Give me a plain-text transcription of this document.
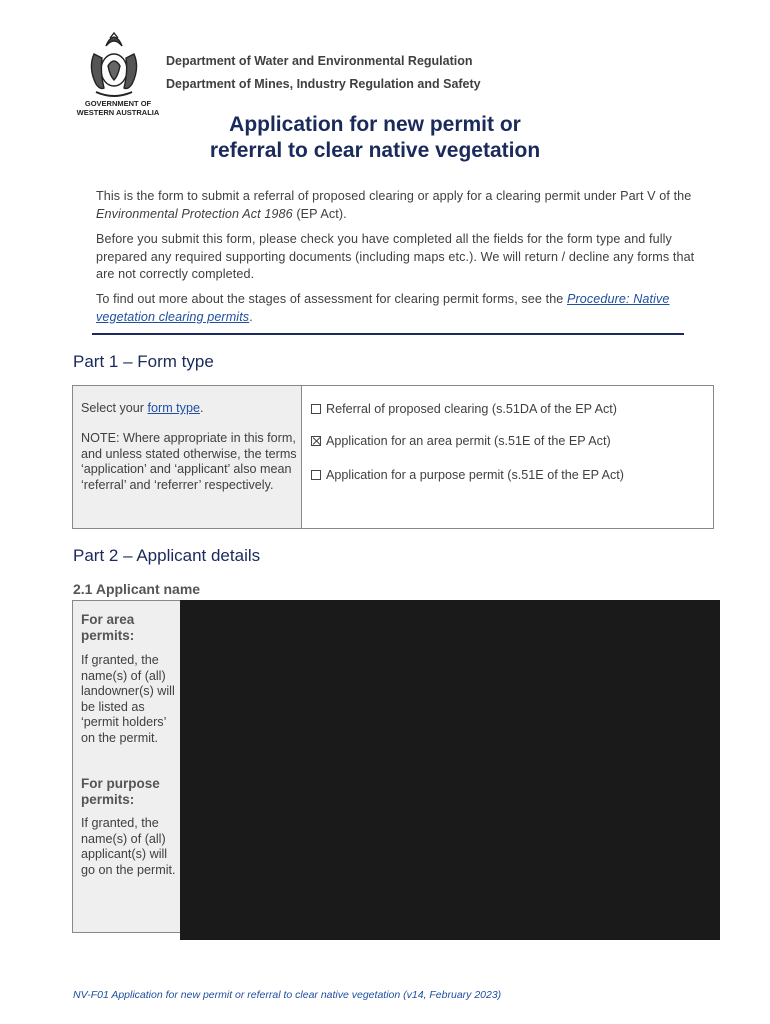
GOVERNMENT OF
WESTERN AUSTRALIA
Department of Water and Environmental Regulation
Department of Mines, Industry Regulation and Safety
Application for new permit or
referral to clear native vegetation
This is the form to submit a referral of proposed clearing or apply for a clearing permit under Part V of the Environmental Protection Act 1986 (EP Act).
Before you submit this form, please check you have completed all the fields for the form type and fully prepared any required supporting documents (including maps etc.). We will return / decline any forms that are not correctly completed.
To find out more about the stages of assessment for clearing permit forms, see the Procedure: Native vegetation clearing permits.
Part 1 – Form type
Select your form type.
NOTE: Where appropriate in this form, and unless stated otherwise, the terms ‘application’ and ‘applicant’ also mean ‘referral’ and ‘referrer’ respectively.
Referral of proposed clearing (s.51DA of the EP Act)
Application for an area permit (s.51E of the EP Act)
Application for a purpose permit (s.51E of the EP Act)
Part 2 – Applicant details
2.1 Applicant name
For area permits:
If granted, the name(s) of (all) landowner(s) will be listed as ‘permit holders’ on the permit.
For purpose permits:
If granted, the name(s) of (all) applicant(s) will go on the permit.
NV-F01 Application for new permit or referral to clear native vegetation (v14, February 2023)
